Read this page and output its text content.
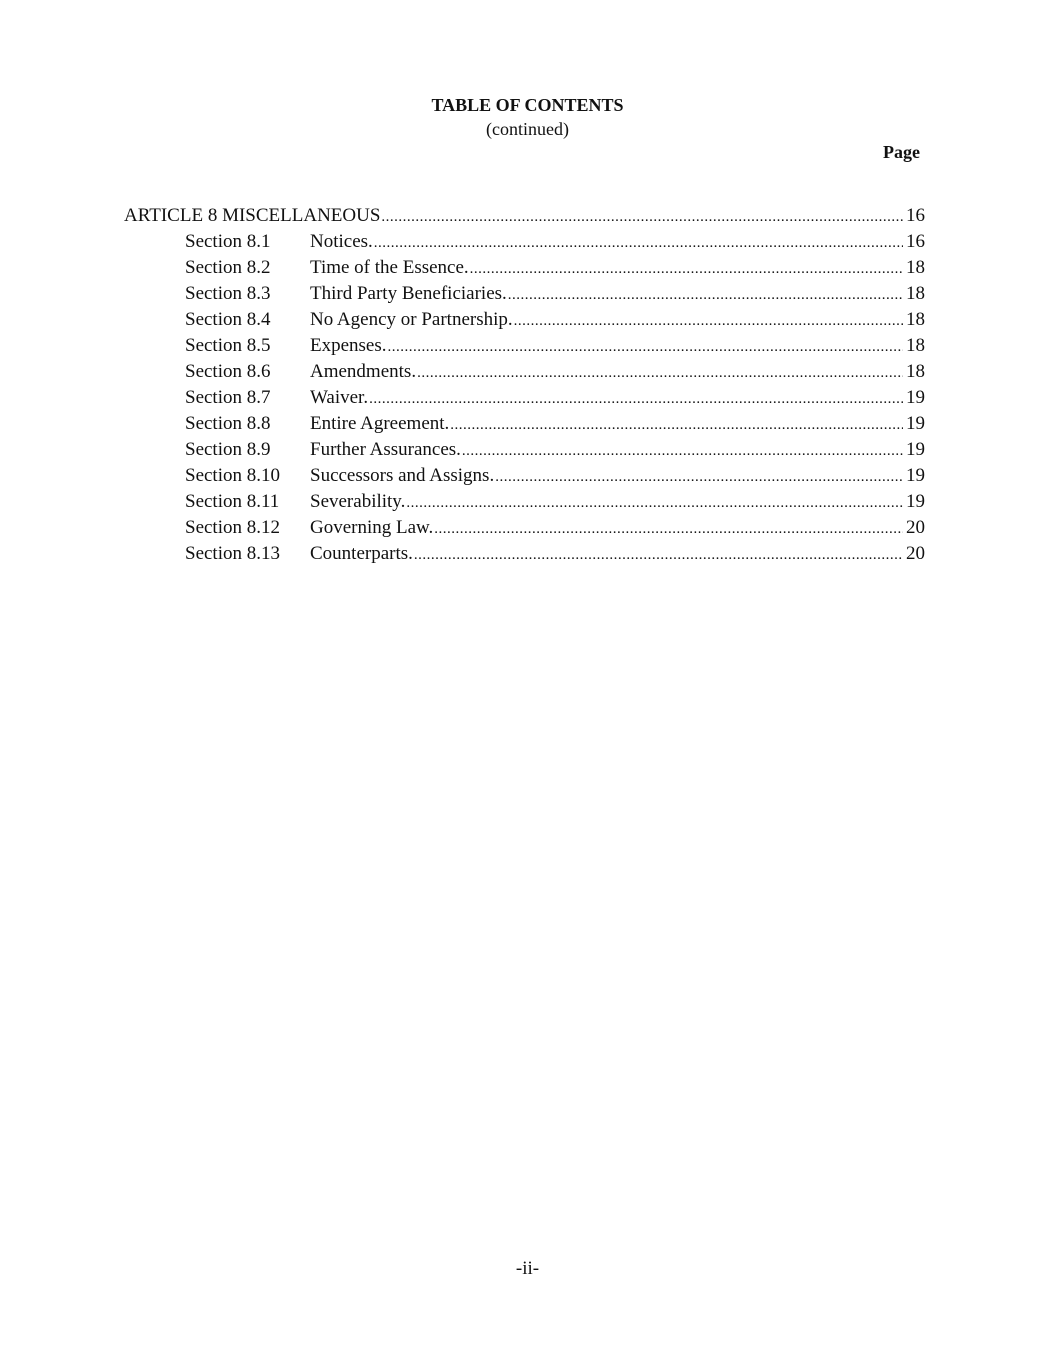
TABLE OF CONTENTS
(continued)
Page
ARTICLE 8 MISCELLANEOUS .....	16
Section 8.1	Notices. .....	16
Section 8.2	Time of the Essence. .....	18
Section 8.3	Third Party Beneficiaries. .....	18
Section 8.4	No Agency or Partnership. .....	18
Section 8.5	Expenses. .....	18
Section 8.6	Amendments. .....	18
Section 8.7	Waiver. .....	19
Section 8.8	Entire Agreement. .....	19
Section 8.9	Further Assurances. .....	19
Section 8.10	Successors and Assigns. .....	19
Section 8.11	Severability. .....	19
Section 8.12	Governing Law. .....	20
Section 8.13	Counterparts. .....	20
-ii-
